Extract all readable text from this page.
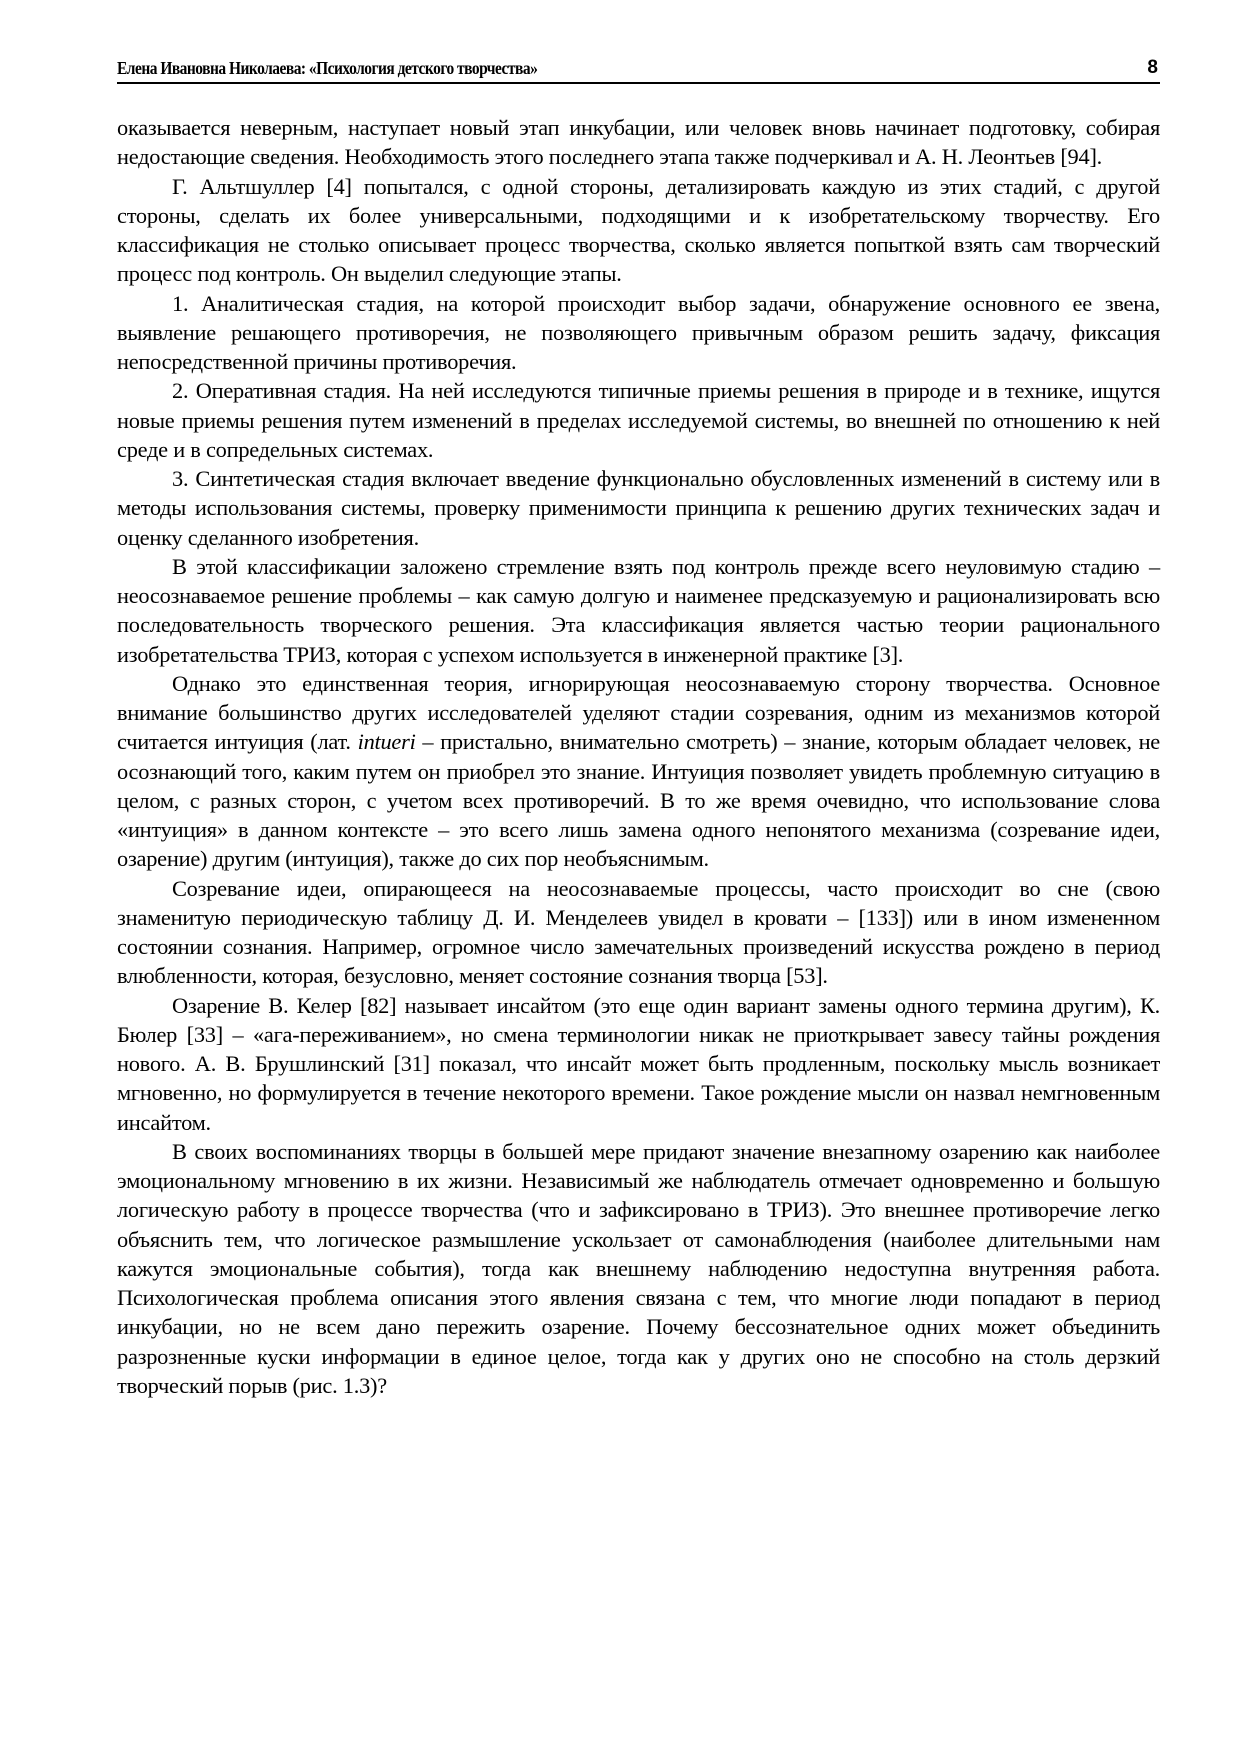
Елена Ивановна Николаева: «Психология детского творчества»	8

оказывается неверным, наступает новый этап инкубации, или человек вновь начинает подготовку, собирая недостающие сведения. Необходимость этого последнего этапа также подчеркивал и А. Н. Леонтьев [94].

Г. Альтшуллер [4] попытался, с одной стороны, детализировать каждую из этих стадий, с другой стороны, сделать их более универсальными, подходящими и к изобретательскому творчеству. Его классификация не столько описывает процесс творчества, сколько является попыткой взять сам творческий процесс под контроль. Он выделил следующие этапы.

1. Аналитическая стадия, на которой происходит выбор задачи, обнаружение основного ее звена, выявление решающего противоречия, не позволяющего привычным образом решить задачу, фиксация непосредственной причины противоречия.

2. Оперативная стадия. На ней исследуются типичные приемы решения в природе и в технике, ищутся новые приемы решения путем изменений в пределах исследуемой системы, во внешней по отношению к ней среде и в сопредельных системах.

3. Синтетическая стадия включает введение функционально обусловленных изменений в систему или в методы использования системы, проверку применимости принципа к решению других технических задач и оценку сделанного изобретения.

В этой классификации заложено стремление взять под контроль прежде всего неуловимую стадию – неосознаваемое решение проблемы – как самую долгую и наименее предсказуемую и рационализировать всю последовательность творческого решения. Эта классификация является частью теории рационального изобретательства ТРИЗ, которая с успехом используется в инженерной практике [3].

Однако это единственная теория, игнорирующая неосознаваемую сторону творчества. Основное внимание большинство других исследователей уделяют стадии созревания, одним из механизмов которой считается интуиция (лат. intueri – пристально, внимательно смотреть) – знание, которым обладает человек, не осознающий того, каким путем он приобрел это знание. Интуиция позволяет увидеть проблемную ситуацию в целом, с разных сторон, с учетом всех противоречий. В то же время очевидно, что использование слова «интуиция» в данном контексте – это всего лишь замена одного непонятого механизма (созревание идеи, озарение) другим (интуиция), также до сих пор необъяснимым.

Созревание идеи, опирающееся на неосознаваемые процессы, часто происходит во сне (свою знаменитую периодическую таблицу Д. И. Менделеев увидел в кровати – [133]) или в ином измененном состоянии сознания. Например, огромное число замечательных произведений искусства рождено в период влюбленности, которая, безусловно, меняет состояние сознания творца [53].

Озарение В. Келер [82] называет инсайтом (это еще один вариант замены одного термина другим), К. Бюлер [33] – «ага-переживанием», но смена терминологии никак не приоткрывает завесу тайны рождения нового. А. В. Брушлинский [31] показал, что инсайт может быть продленным, поскольку мысль возникает мгновенно, но формулируется в течение некоторого времени. Такое рождение мысли он назвал немгновенным инсайтом.

В своих воспоминаниях творцы в большей мере придают значение внезапному озарению как наиболее эмоциональному мгновению в их жизни. Независимый же наблюдатель отмечает одновременно и большую логическую работу в процессе творчества (что и зафиксировано в ТРИЗ). Это внешнее противоречие легко объяснить тем, что логическое размышление ускользает от самонаблюдения (наиболее длительными нам кажутся эмоциональные события), тогда как внешнему наблюдению недоступна внутренняя работа. Психологическая проблема описания этого явления связана с тем, что многие люди попадают в период инкубации, но не всем дано пережить озарение. Почему бессознательное одних может объединить разрозненные куски информации в единое целое, тогда как у других оно не способно на столь дерзкий творческий порыв (рис. 1.3)?
